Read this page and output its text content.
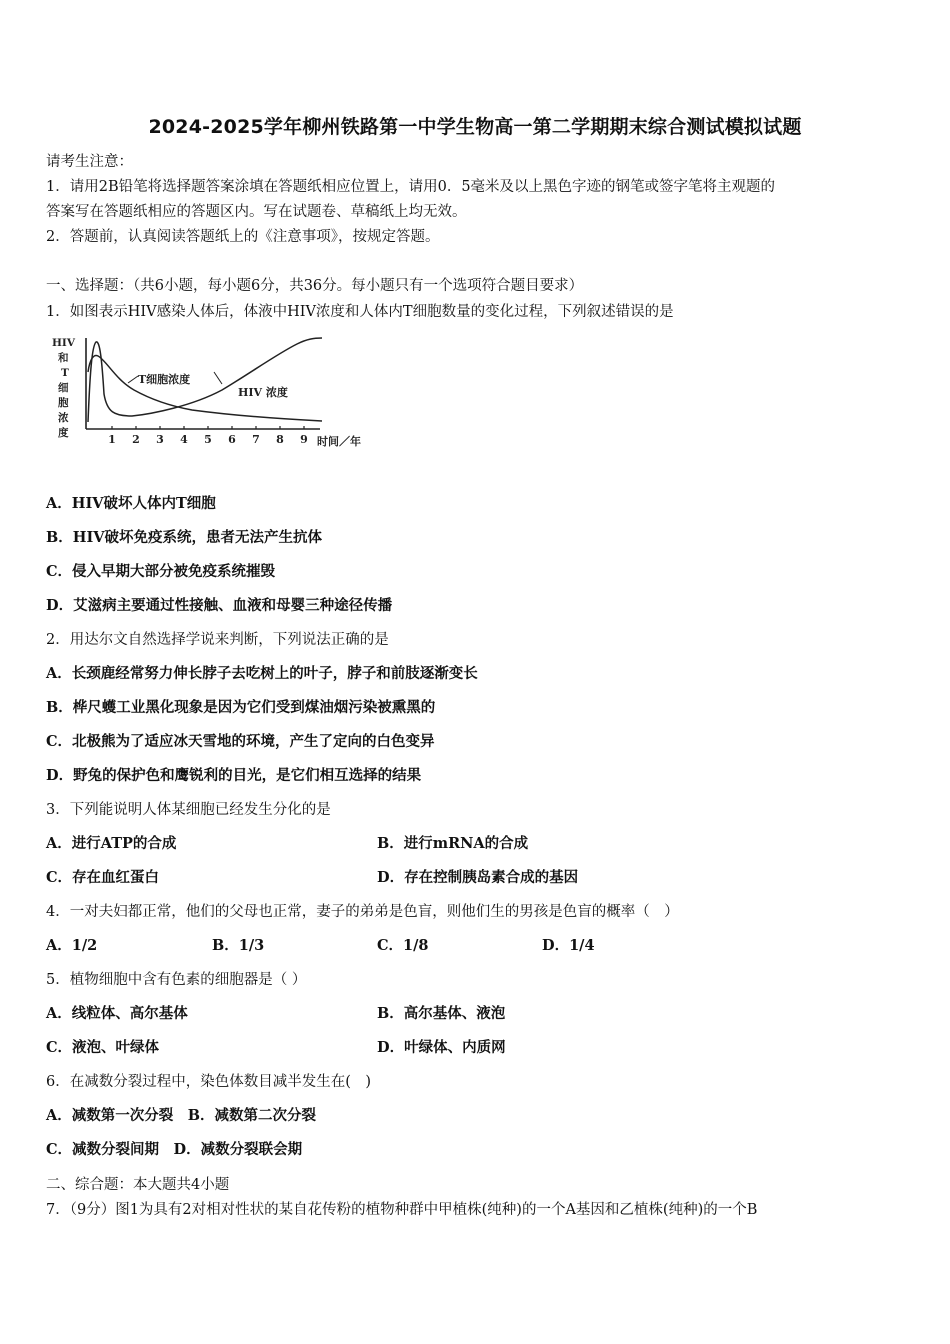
2024-2025学年柳州铁路第一中学生物高一第二学期期末综合测试模拟试题
请考生注意：
1．请用2B铅笔将选择题答案涂填在答题纸相应位置上，请用0．5毫米及以上黑色字迹的钢笔或签字笔将主观题的
答案写在答题纸相应的答题区内。写在试题卷、草稿纸上均无效。
2．答题前，认真阅读答题纸上的《注意事项》，按规定答题。
一、选择题：（共6小题，每小题6分，共36分。每小题只有一个选项符合题目要求）
1．如图表示HIV感染人体后，体液中HIV浓度和人体内T细胞数量的变化过程，下列叙述错误的是
HIV
和
T
细
胞
浓
度	1 2 3 4 5 6 7 8 9 时间／年
T细胞浓度
HIV 浓度
A．HIV破坏人体内T细胞
B．HIV破坏免疫系统，患者无法产生抗体
C．侵入早期大部分被免疫系统摧毁
D．艾滋病主要通过性接触、血液和母婴三种途径传播
2．用达尔文自然选择学说来判断，下列说法正确的是
A．长颈鹿经常努力伸长脖子去吃树上的叶子，脖子和前肢逐渐变长
B．桦尺蠖工业黑化现象是因为它们受到煤油烟污染被熏黑的
C．北极熊为了适应冰天雪地的环境，产生了定向的白色变异
D．野兔的保护色和鹰锐利的目光，是它们相互选择的结果
3．下列能说明人体某细胞已经发生分化的是
A．进行ATP的合成	B．进行mRNA的合成
C．存在血红蛋白	D．存在控制胰岛素合成的基因
4．一对夫妇都正常，他们的父母也正常，妻子的弟弟是色盲，则他们生的男孩是色盲的概率（　）
A．1/2	B．1/3	C．1/8	D．1/4
5．植物细胞中含有色素的细胞器是（ ）
A．线粒体、高尔基体	B．高尔基体、液泡
C．液泡、叶绿体	D．叶绿体、内质网
6．在减数分裂过程中，染色体数目减半发生在(　)
A．减数第一次分裂　B．减数第二次分裂
C．减数分裂间期　D．减数分裂联会期
二、综合题：本大题共4小题
7．（9分）图1为具有2对相对性状的某自花传粉的植物种群中甲植株(纯种)的一个A基因和乙植株(纯种)的一个B
